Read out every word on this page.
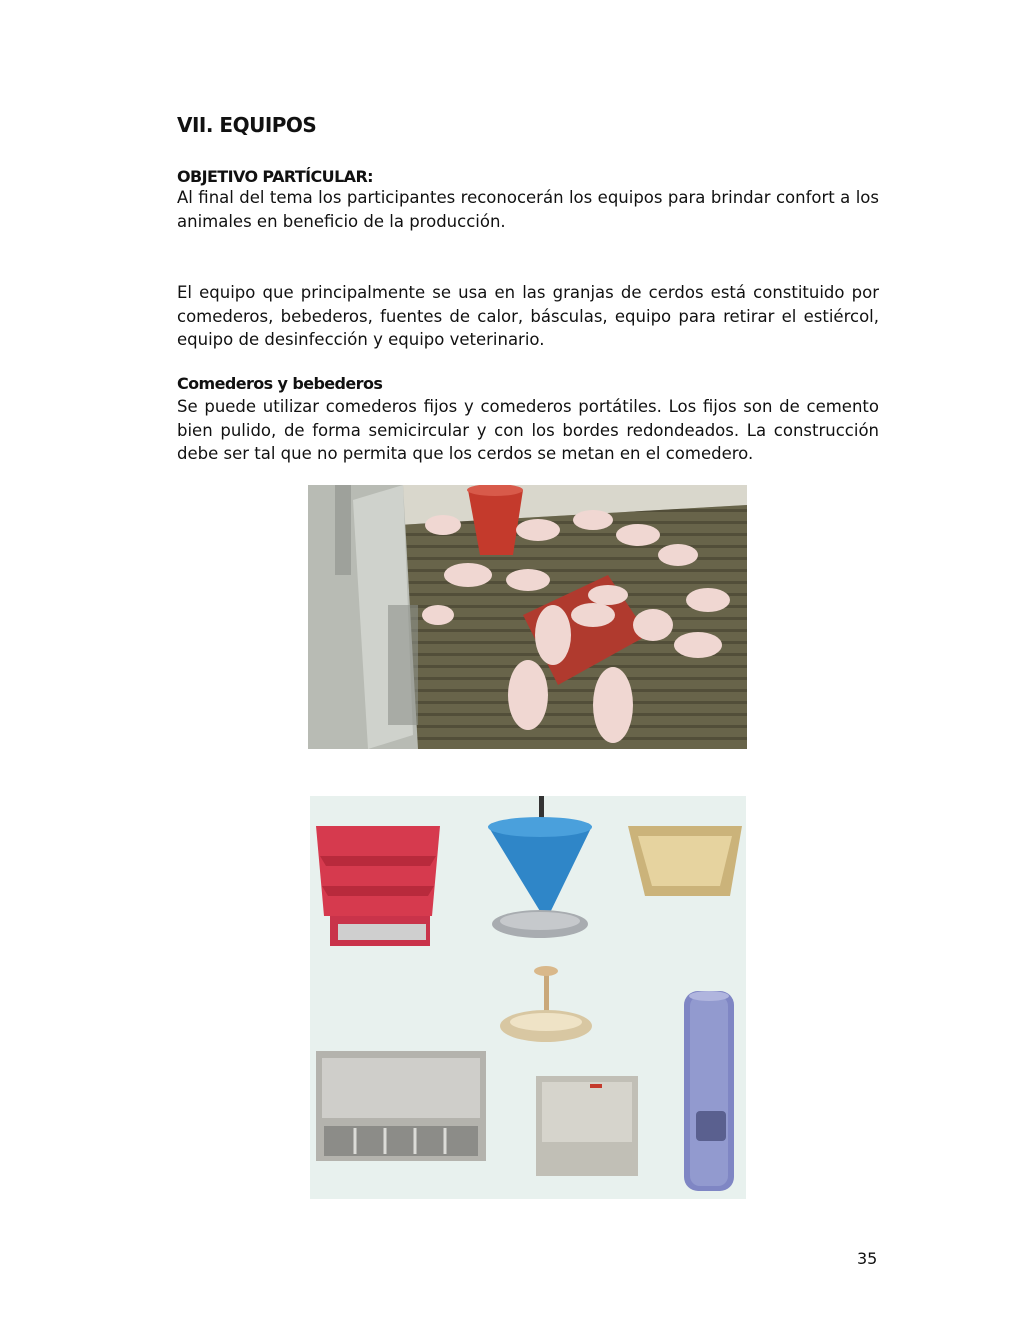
VII. EQUIPOS

OBJETIVO PARTÍCULAR:

Al final del tema los participantes reconocerán los equipos para brindar confort a los animales en beneficio de la producción.

El equipo que principalmente se usa en las granjas de cerdos está constituido por comederos, bebederos, fuentes de calor, básculas, equipo para retirar el estiércol, equipo de desinfección y equipo veterinario.

Comederos y bebederos

Se puede utilizar comederos fijos y comederos portátiles. Los fijos son de cemento bien pulido, de forma semicircular y con los bordes redondeados. La construcción debe ser tal que no permita que los cerdos se metan en el comedero.

35
